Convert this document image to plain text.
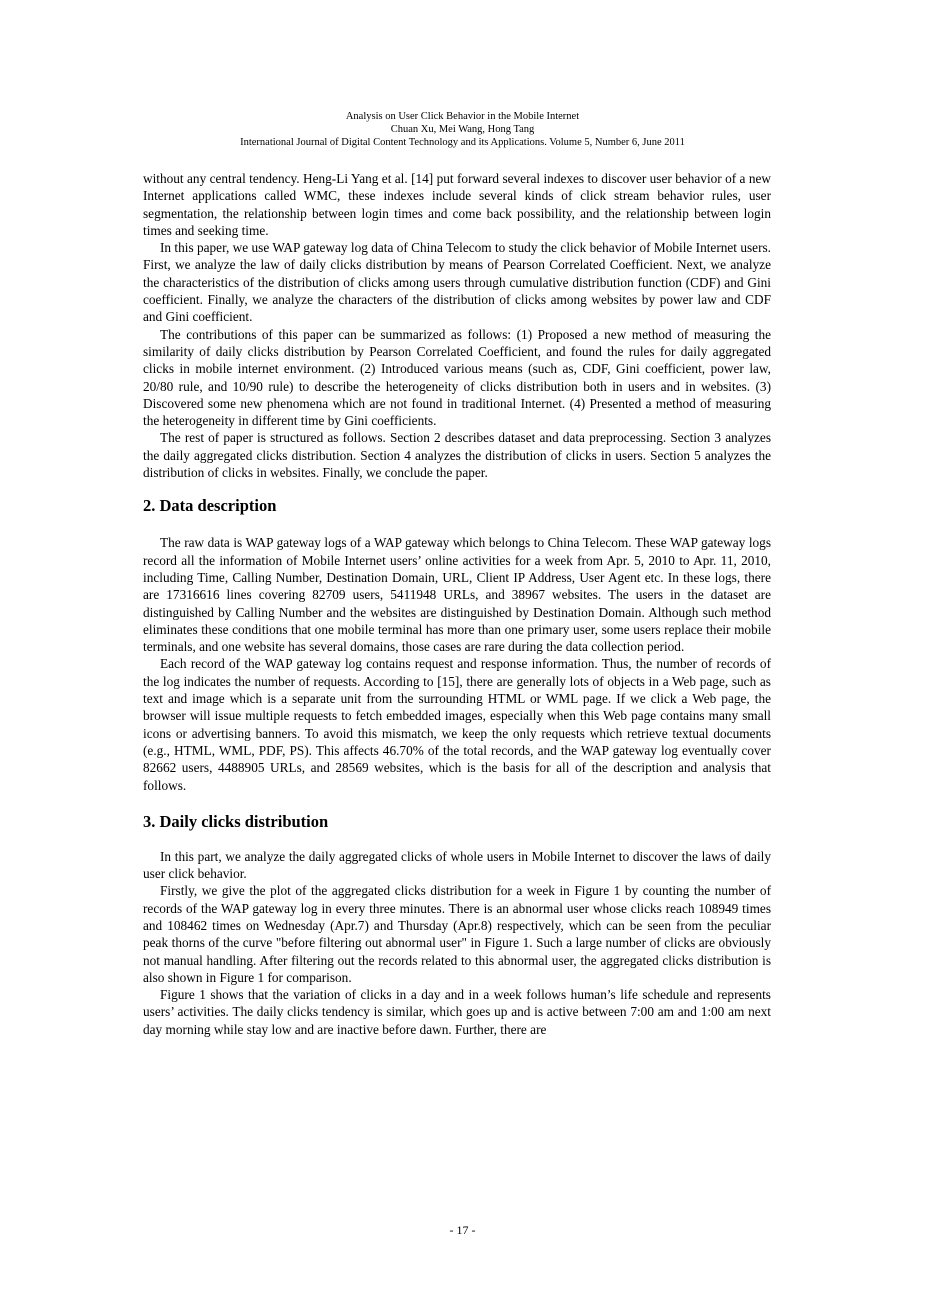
Analysis on User Click Behavior in the Mobile Internet
Chuan Xu, Mei Wang, Hong Tang
International Journal of Digital Content Technology and its Applications. Volume 5, Number 6, June 2011

without any central tendency. Heng-Li Yang et al. [14] put forward several indexes to discover user behavior of a new Internet applications called WMC, these indexes include several kinds of click stream behavior rules, user segmentation, the relationship between login times and come back possibility, and the relationship between login times and seeking time.

In this paper, we use WAP gateway log data of China Telecom to study the click behavior of Mobile Internet users. First, we analyze the law of daily clicks distribution by means of Pearson Correlated Coefficient. Next, we analyze the characteristics of the distribution of clicks among users through cumulative distribution function (CDF) and Gini coefficient. Finally, we analyze the characters of the distribution of clicks among websites by power law and CDF and Gini coefficient.

The contributions of this paper can be summarized as follows: (1) Proposed a new method of measuring the similarity of daily clicks distribution by Pearson Correlated Coefficient, and found the rules for daily aggregated clicks in mobile internet environment. (2) Introduced various means (such as, CDF, Gini coefficient, power law, 20/80 rule, and 10/90 rule) to describe the heterogeneity of clicks distribution both in users and in websites. (3) Discovered some new phenomena which are not found in traditional Internet. (4) Presented a method of measuring the heterogeneity in different time by Gini coefficients.

The rest of paper is structured as follows. Section 2 describes dataset and data preprocessing. Section 3 analyzes the daily aggregated clicks distribution. Section 4 analyzes the distribution of clicks in users. Section 5 analyzes the distribution of clicks in websites. Finally, we conclude the paper.

2. Data description

The raw data is WAP gateway logs of a WAP gateway which belongs to China Telecom. These WAP gateway logs record all the information of Mobile Internet users’ online activities for a week from Apr. 5, 2010 to Apr. 11, 2010, including Time, Calling Number, Destination Domain, URL, Client IP Address, User Agent etc. In these logs, there are 17316616 lines covering 82709 users, 5411948 URLs, and 38967 websites. The users in the dataset are distinguished by Calling Number and the websites are distinguished by Destination Domain. Although such method eliminates these conditions that one mobile terminal has more than one primary user, some users replace their mobile terminals, and one website has several domains, those cases are rare during the data collection period.

Each record of the WAP gateway log contains request and response information. Thus, the number of records of the log indicates the number of requests. According to [15], there are generally lots of objects in a Web page, such as text and image which is a separate unit from the surrounding HTML or WML page. If we click a Web page, the browser will issue multiple requests to fetch embedded images, especially when this Web page contains many small icons or advertising banners. To avoid this mismatch, we keep the only requests which retrieve textual documents (e.g., HTML, WML, PDF, PS). This affects 46.70% of the total records, and the WAP gateway log eventually cover 82662 users, 4488905 URLs, and 28569 websites, which is the basis for all of the description and analysis that follows.

3. Daily clicks distribution

In this part, we analyze the daily aggregated clicks of whole users in Mobile Internet to discover the laws of daily user click behavior.

Firstly, we give the plot of the aggregated clicks distribution for a week in Figure 1 by counting the number of records of the WAP gateway log in every three minutes. There is an abnormal user whose clicks reach 108949 times and 108462 times on Wednesday (Apr.7) and Thursday (Apr.8) respectively, which can be seen from the peculiar peak thorns of the curve "before filtering out abnormal user" in Figure 1. Such a large number of clicks are obviously not manual handling. After filtering out the records related to this abnormal user, the aggregated clicks distribution is also shown in Figure 1 for comparison.

Figure 1 shows that the variation of clicks in a day and in a week follows human’s life schedule and represents users’ activities. The daily clicks tendency is similar, which goes up and is active between 7:00 am and 1:00 am next day morning while stay low and are inactive before dawn. Further, there are

- 17 -
